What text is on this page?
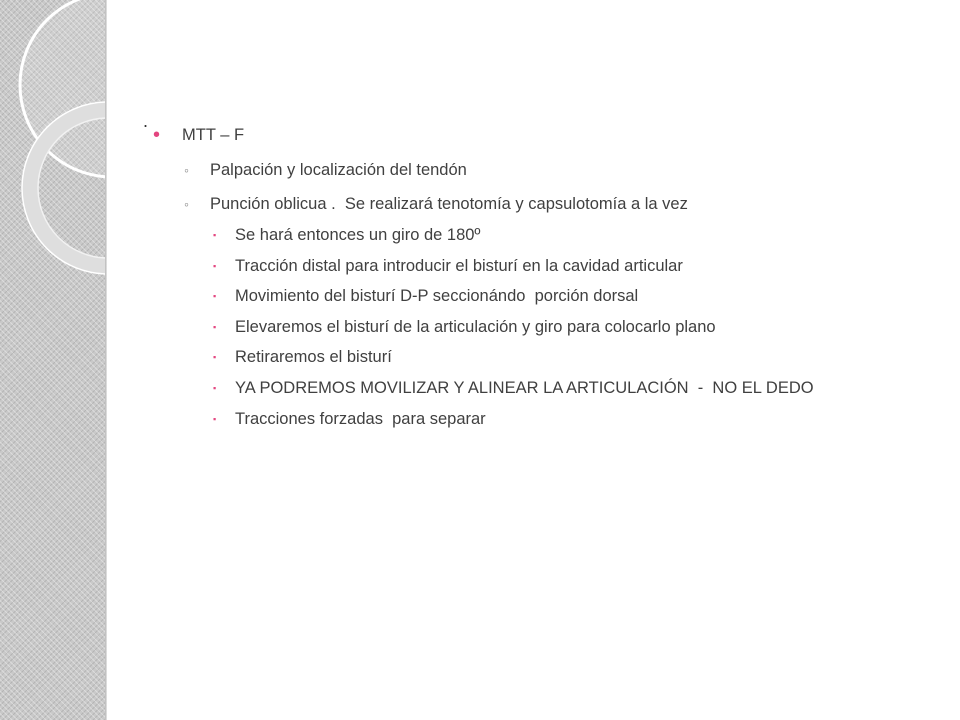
.

•

MTT – F

◦

Palpación y localización del tendón

◦

Punción oblicua .  Se realizará tenotomía y capsulotomía a la vez

▪

Se hará entonces un giro de 180º

▪

Tracción distal para introducir el bisturí en la cavidad articular

▪

Movimiento del bisturí D-P seccionándo  porción dorsal

▪

Elevaremos el bisturí de la articulación y giro para colocarlo plano

▪

Retiraremos el bisturí

▪

YA PODREMOS MOVILIZAR Y ALINEAR LA ARTICULACIÓN  -  NO EL DEDO

▪

Tracciones forzadas  para separar
